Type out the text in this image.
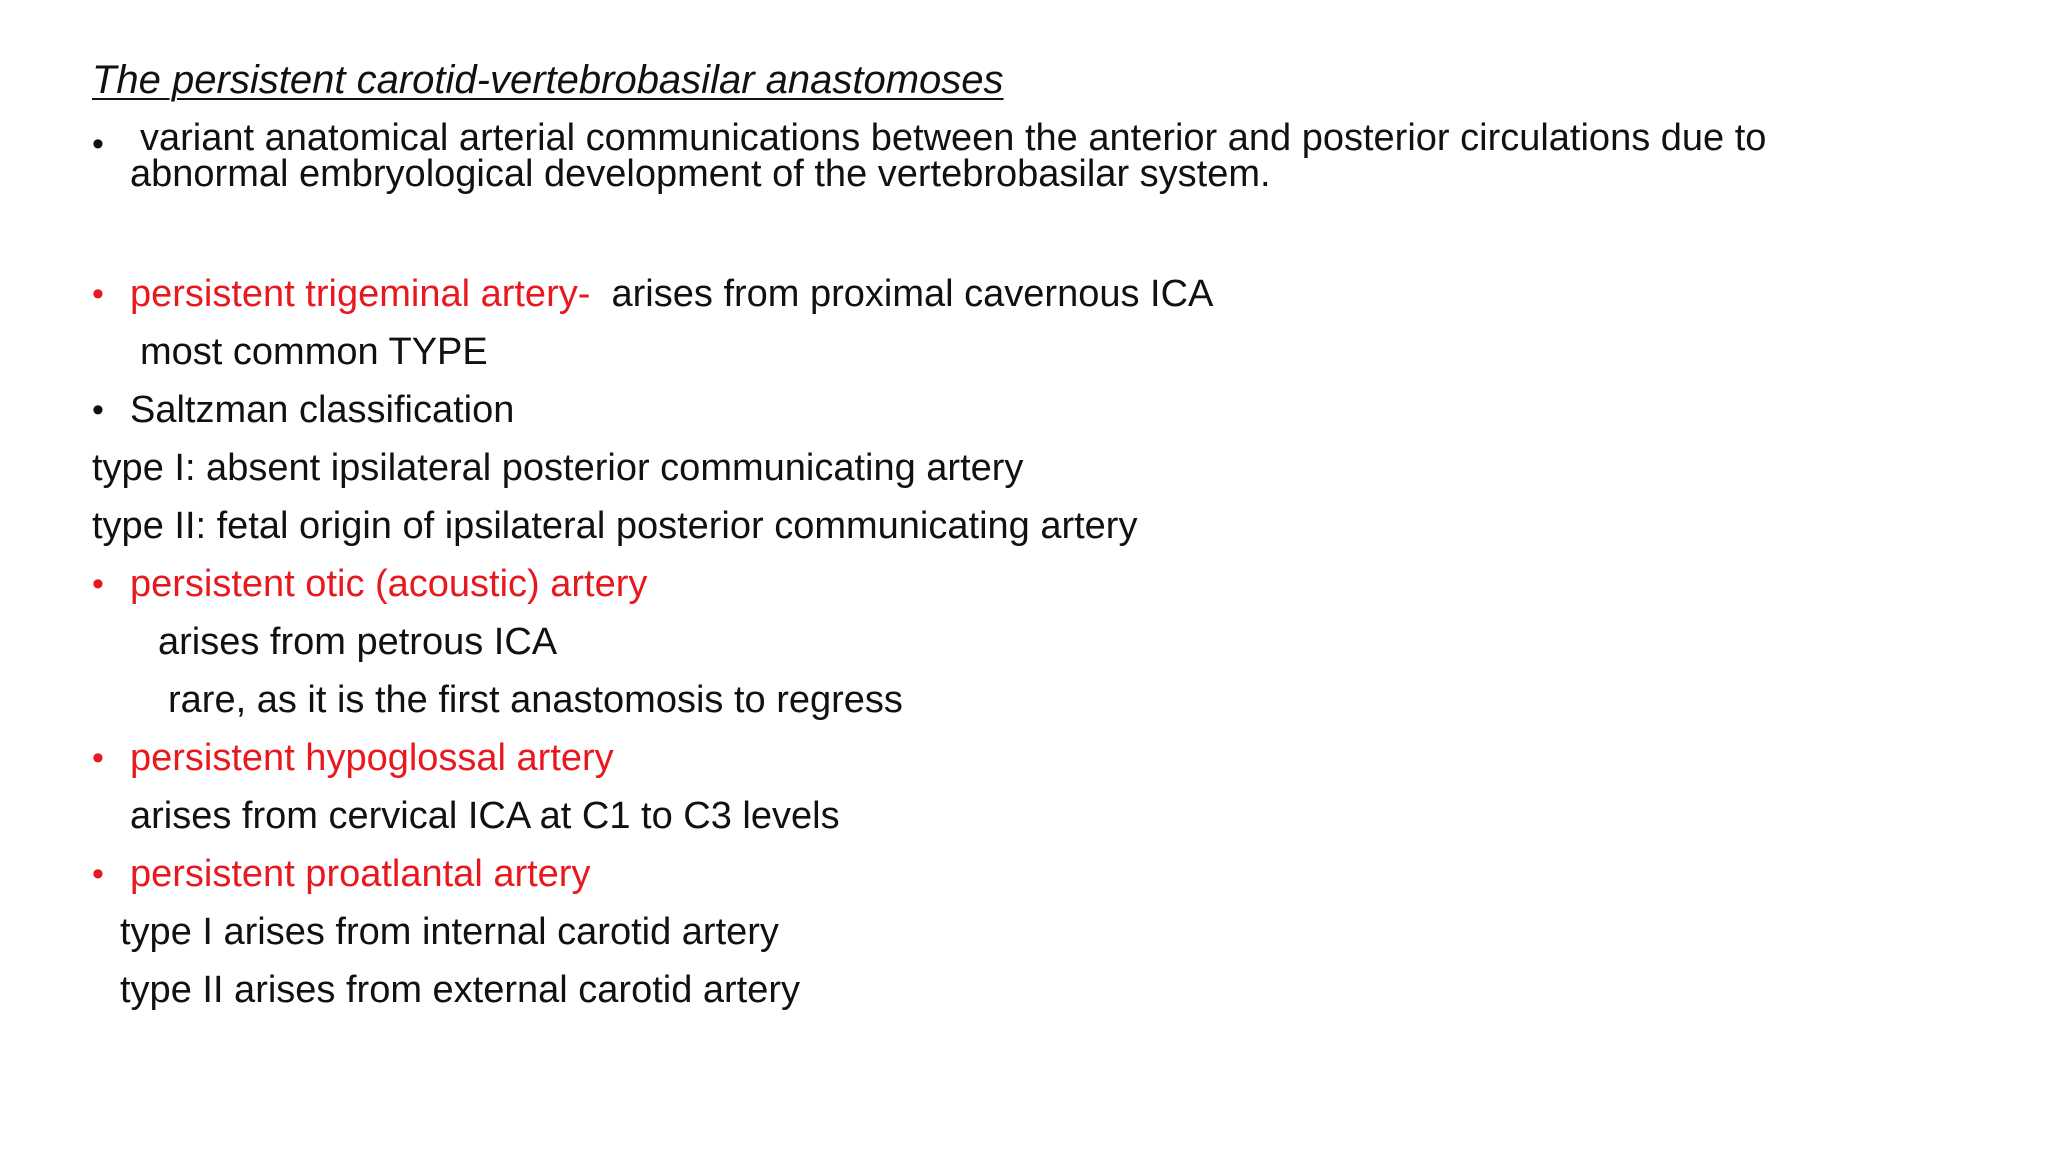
The persistent carotid-vertebrobasilar anastomoses
• variant anatomical arterial communications between the anterior and posterior circulations due to
abnormal embryological development of the vertebrobasilar system.
• persistent trigeminal artery- arises from proximal cavernous ICA
most common TYPE
• Saltzman classification
type I: absent ipsilateral posterior communicating artery
type II: fetal origin of ipsilateral posterior communicating artery
• persistent otic (acoustic) artery
arises from petrous ICA
rare, as it is the first anastomosis to regress
• persistent hypoglossal artery
arises from cervical ICA at C1 to C3 levels
• persistent proatlantal artery
type I arises from internal carotid artery
type II arises from external carotid artery
